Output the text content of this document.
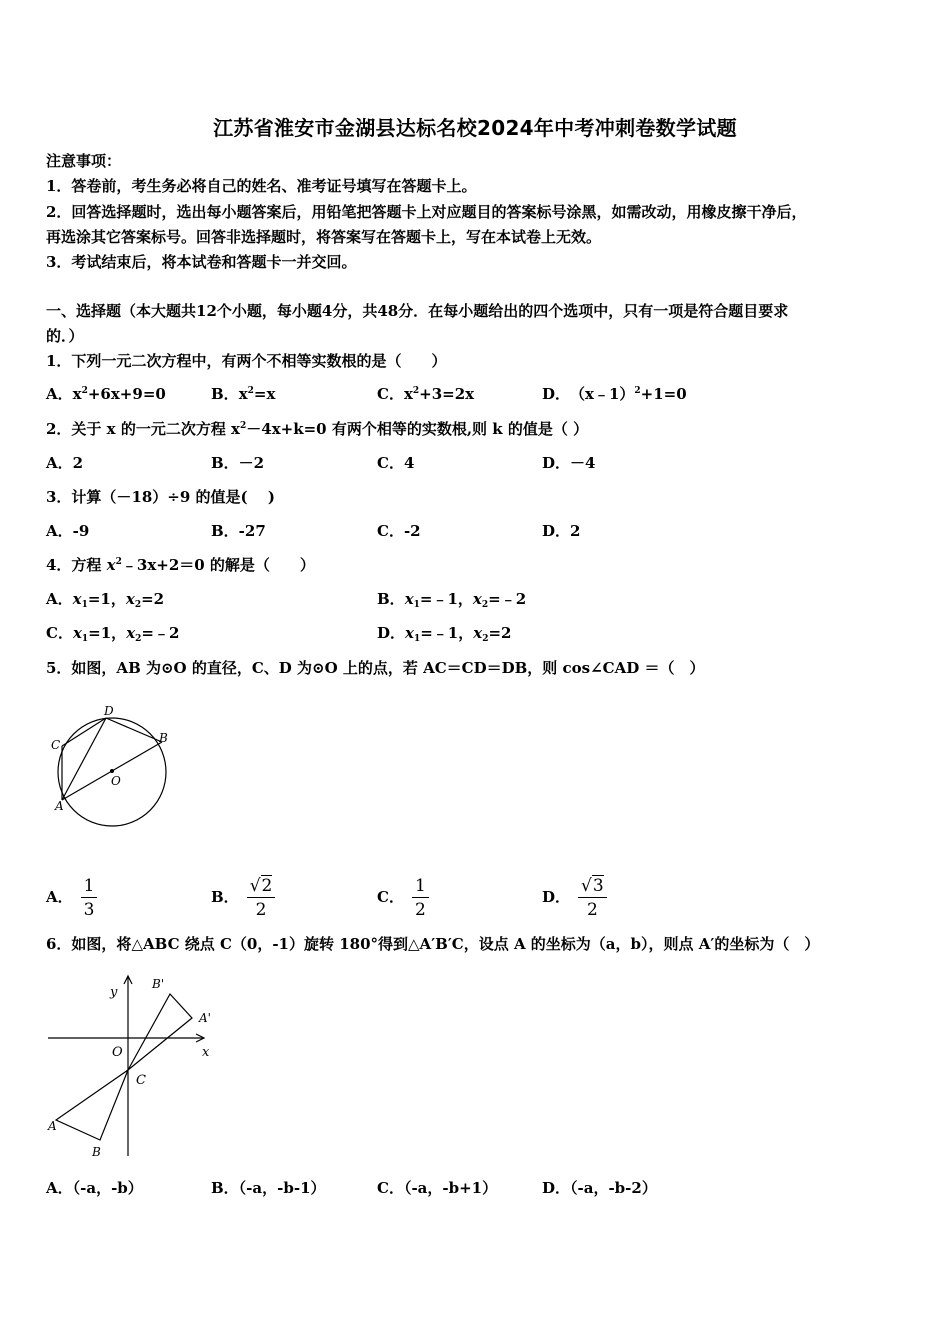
江苏省淮安市金湖县达标名校2024年中考冲刺卷数学试题
注意事项：
1．答卷前，考生务必将自己的姓名、准考证号填写在答题卡上。
2．回答选择题时，选出每小题答案后，用铅笔把答题卡上对应题目的答案标号涂黑，如需改动，用橡皮擦干净后，
再选涂其它答案标号。回答非选择题时，将答案写在答题卡上，写在本试卷上无效。
3．考试结束后，将本试卷和答题卡一并交回。
一、选择题（本大题共12个小题，每小题4分，共48分．在每小题给出的四个选项中，只有一项是符合题目要求
的．）
1．下列一元二次方程中，有两个不相等实数根的是（　　）
A．$x^2+6x+9=0$	B．$x^2=x$	C．$x^2+3=2x$	D．（x﹣1）$^2$+1=0
2．关于 x 的一元二次方程 $x^2-4x+k=0$ 有两个相等的实数根,则 k 的值是（ ）
A．2	B．－2	C．4	D．－4
3．计算（－18）÷9 的值是(　 )
A．-9	B．-27	C．-2	D．2
4．方程 $x^2﹣3x+2=0$ 的解是（　　）
A．$x_1=1$，$x_2=2$	B．$x_1=﹣1$，$x_2=﹣2$
C．$x_1=1$，$x_2=﹣2$	D．$x_1=﹣1$，$x_2=2$
5．如图，AB 为⊙O 的直径，C、D 为⊙O 上的点，若 AC＝CD＝DB，则 cos∠CAD ＝（　）
D
B
C
O
A
A． $\frac{1}{3}$	B． $\frac{√2}{2}$	C． $\frac{1}{2}$	D． $\frac{√3}{2}$
6．如图，将△ABC 绕点 C（0，-1）旋转 180°得到△A′B′C，设点 A 的坐标为（a，b），则点 A′的坐标为（　）
y
B'
A'
O	x
C
A
B
A．（-a，-b）	B．（-a，-b-1）	C．（-a，-b+1）	D．（-a，-b-2）
